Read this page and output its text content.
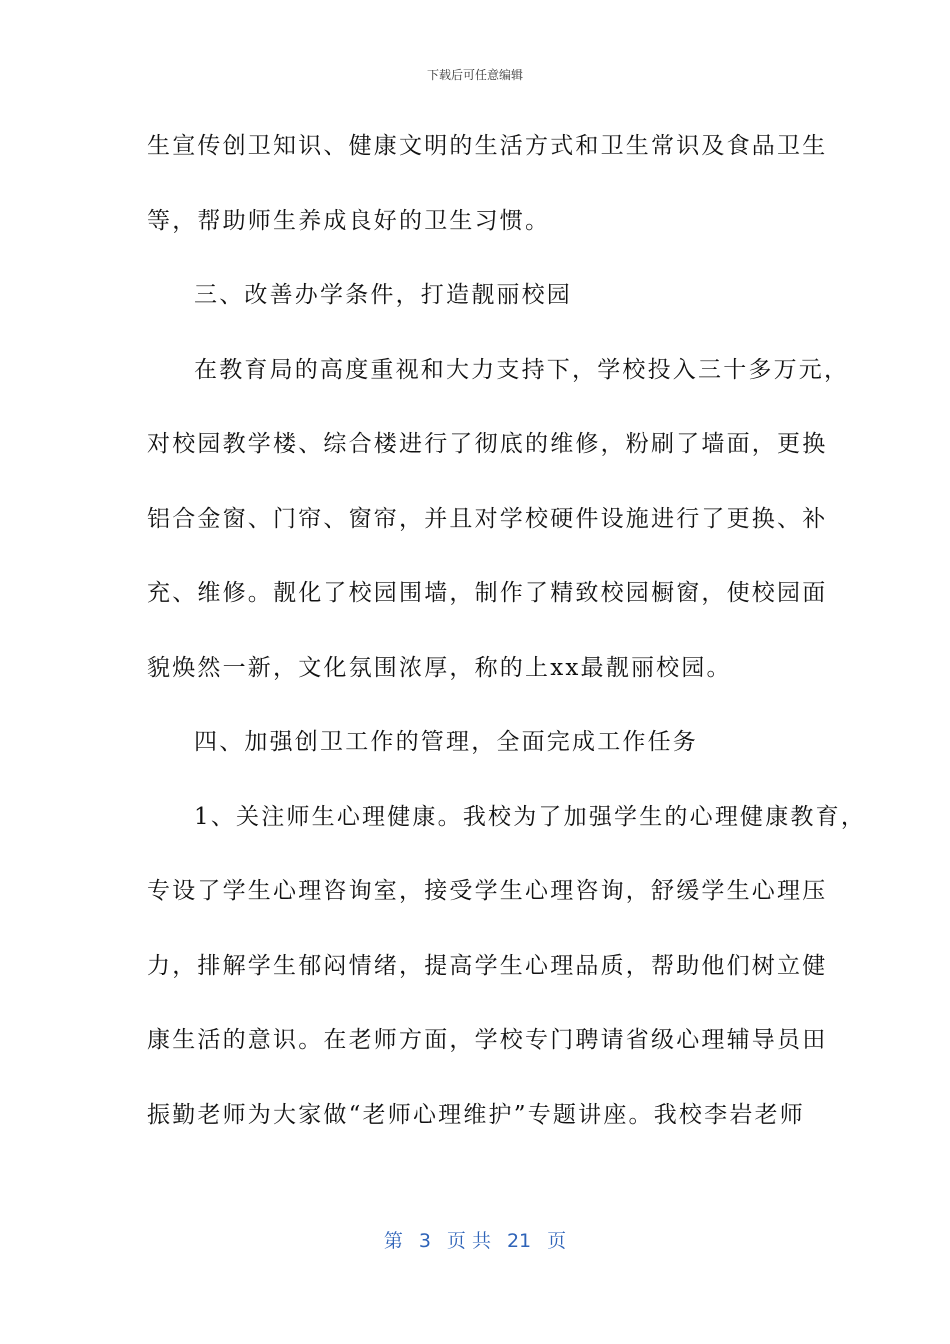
下载后可任意编辑
生宣传创卫知识、健康文明的生活方式和卫生常识及食品卫生
等，帮助师生养成良好的卫生习惯。
三、改善办学条件，打造靓丽校园
在教育局的高度重视和大力支持下，学校投入三十多万元，
对校园教学楼、综合楼进行了彻底的维修，粉刷了墙面，更换
铝合金窗、门帘、窗帘，并且对学校硬件设施进行了更换、补
充、维修。靓化了校园围墙，制作了精致校园橱窗，使校园面
貌焕然一新，文化氛围浓厚，称的上xx最靓丽校园。
四、加强创卫工作的管理，全面完成工作任务
1、关注师生心理健康。我校为了加强学生的心理健康教育，
专设了学生心理咨询室，接受学生心理咨询，舒缓学生心理压
力，排解学生郁闷情绪，提高学生心理品质，帮助他们树立健
康生活的意识。在老师方面，学校专门聘请省级心理辅导员田
振勤老师为大家做“老师心理维护”专题讲座。我校李岩老师
第 3 页 共 21 页
